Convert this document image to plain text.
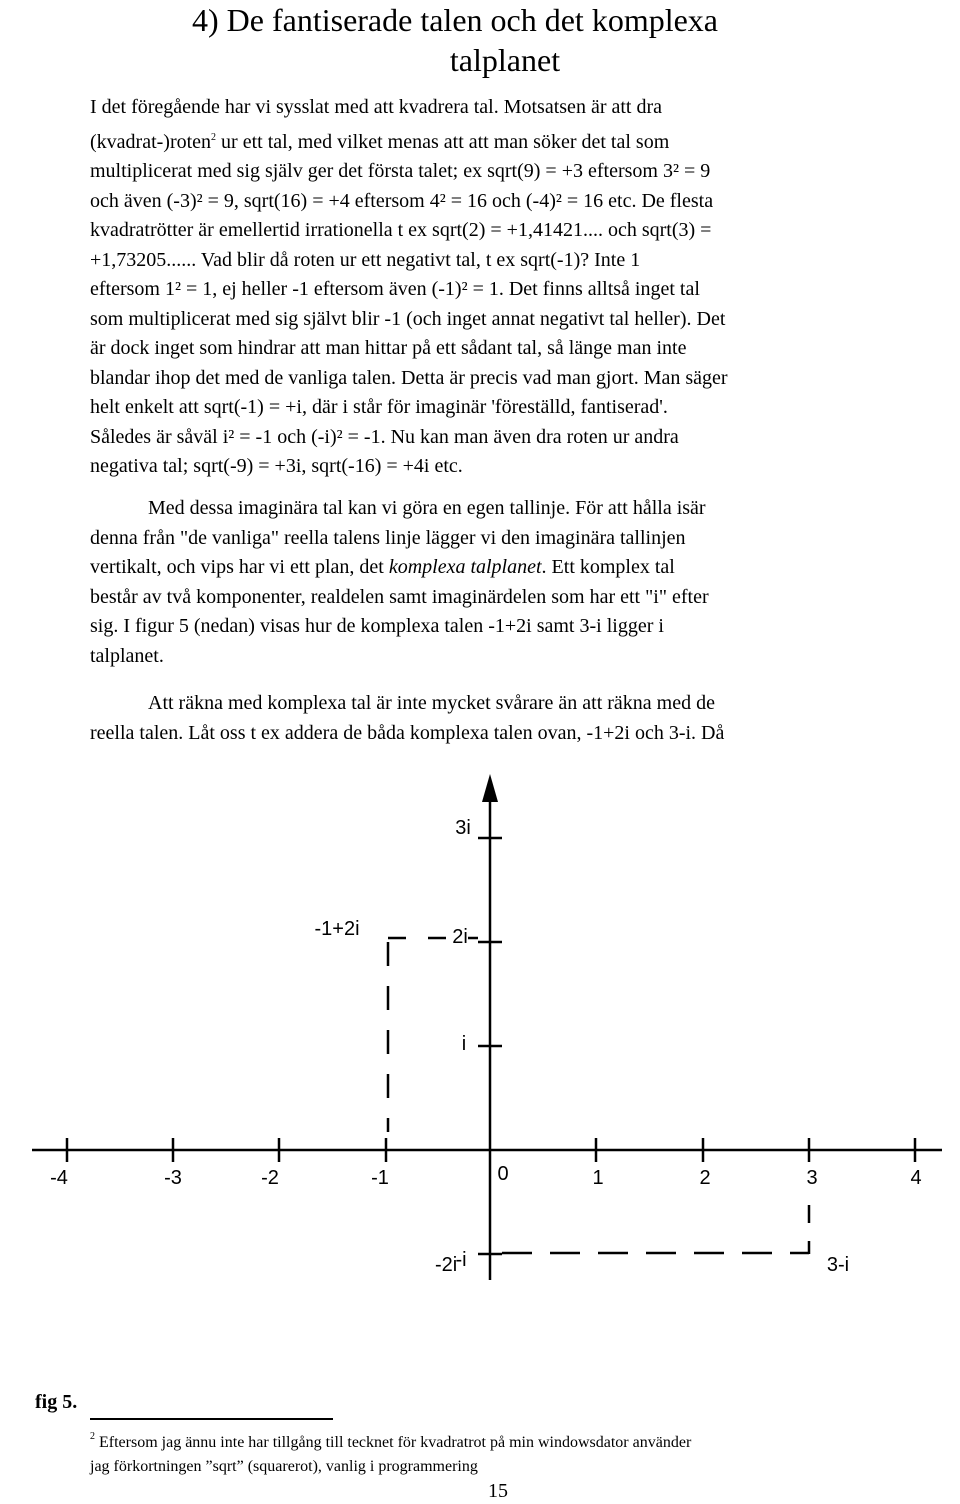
4) De fantiserade talen och det komplexa
talplanet
I det föregående har vi sysslat med att kvadrera tal. Motsatsen är att dra
(kvadrat-)roten$^2$ ur ett tal, med vilket menas att att man söker det tal som
multiplicerat med sig själv ger det första talet; ex sqrt(9) = +3 eftersom 3² = 9
och även (-3)² = 9, sqrt(16) = +4 eftersom 4² = 16 och (-4)² = 16 etc. De flesta
kvadratrötter är emellertid irrationella t ex sqrt(2) = +1,41421.... och sqrt(3) =
+1,73205...... Vad blir då roten ur ett negativt tal, t ex sqrt(-1)? Inte 1
eftersom 1² = 1, ej heller -1 eftersom även (-1)² = 1. Det finns alltså inget tal
som multiplicerat med sig självt blir -1 (och inget annat negativt tal heller). Det
är dock inget som hindrar att man hittar på ett sådant tal, så länge man inte
blandar ihop det med de vanliga talen. Detta är precis vad man gjort. Man säger
helt enkelt att sqrt(-1) = +i, där i står för imaginär 'föreställd, fantiserad'.
Således är såväl i² = -1 och (-i)² = -1. Nu kan man även dra roten ur andra
negativa tal; sqrt(-9) = +3i, sqrt(-16) = +4i etc.
Med dessa imaginära tal kan vi göra en egen tallinje. För att hålla isär
denna från "de vanliga" reella talens linje lägger vi den imaginära tallinjen
vertikalt, och vips har vi ett plan, det komplexa talplanet. Ett komplex tal
består av två komponenter, realdelen samt imaginärdelen som har ett "i" efter
sig. I figur 5 (nedan) visas hur de komplexa talen -1+2i samt 3-i ligger i
talplanet.
Att räkna med komplexa tal är inte mycket svårare än att räkna med de
reella talen. Låt oss t ex addera de båda komplexa talen ovan, -1+2i och 3-i. Då
-4	-3	-2	-1	0	1	2	3	4
3i
2i
i
-i
-1+2i
3-i
-2i
fig 5.
$^2$ Eftersom jag ännu inte har tillgång till tecknet för kvadratrot på min windowsdator använder
jag förkortningen ”sqrt” (squarerot), vanlig i programmering
15
